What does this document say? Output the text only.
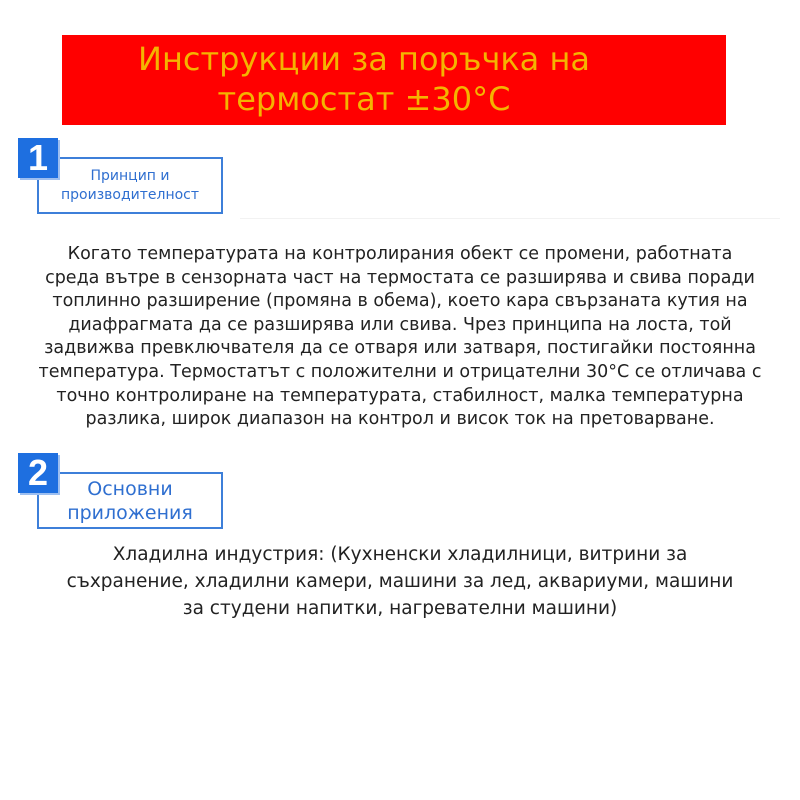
Инструкции за поръчка на
термостат ±30°C
Принцип и
производителност
1
Когато температурата на контролирания обект се промени, работната
среда вътре в сензорната част на термостата се разширява и свива поради
топлинно разширение (промяна в обема), което кара свързаната кутия на
диафрагмата да се разширява или свива. Чрез принципа на лоста, той
задвижва превключвателя да се отваря или затваря, постигайки постоянна
температура. Термостатът с положителни и отрицателни 30°C се отличава с
точно контролиране на температурата, стабилност, малка температурна
разлика, широк диапазон на контрол и висок ток на претоварване.
Основни
приложения
2
Хладилна индустрия: (Кухненски хладилници, витрини за
съхранение, хладилни камери, машини за лед, аквариуми, машини
за студени напитки, нагревателни машини)
